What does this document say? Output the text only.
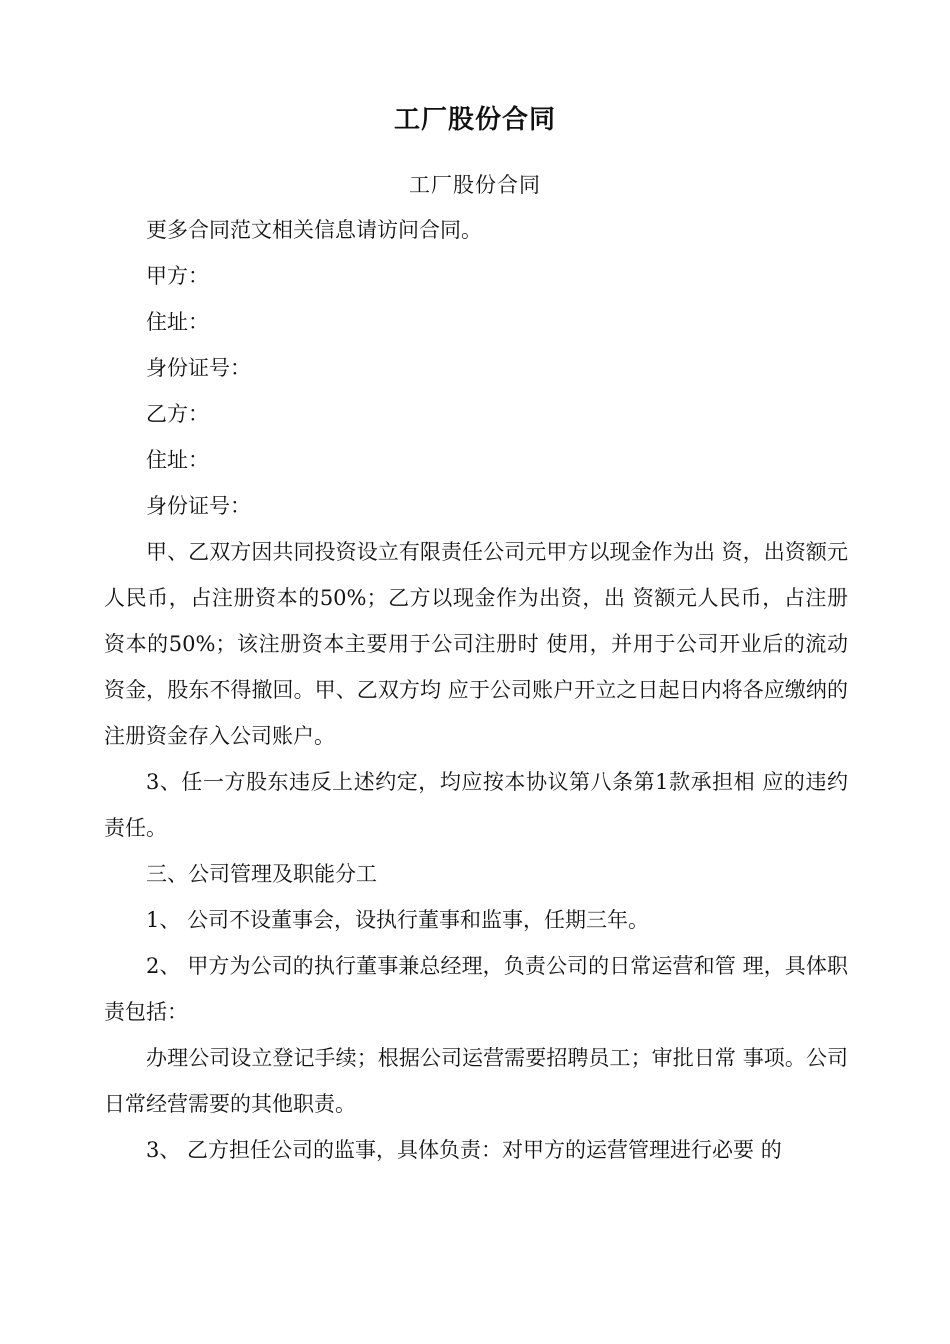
工厂股份合同
工厂股份合同

更多合同范文相关信息请访问合同。

甲方：

住址：

身份证号：

乙方：

住址：

身份证号：

甲、乙双方因共同投资设立有限责任公司元甲方以现金作为出 资，出资额元人民币，占注册资本的50%；乙方以现金作为出资，出 资额元人民币，占注册资本的50%；该注册资本主要用于公司注册时 使用，并用于公司开业后的流动资金，股东不得撤回。甲、乙双方均 应于公司账户开立之日起日内将各应缴纳的注册资金存入公司账户。

3、任一方股东违反上述约定，均应按本协议第八条第1款承担相 应的违约责任。

三、公司管理及职能分工

1、 公司不设董事会，设执行董事和监事，任期三年。

2、 甲方为公司的执行董事兼总经理，负责公司的日常运营和管 理，具体职责包括：

办理公司设立登记手续；根据公司运营需要招聘员工；审批日常 事项。公司日常经营需要的其他职责。

3、 乙方担任公司的监事，具体负责：对甲方的运营管理进行必要 的
